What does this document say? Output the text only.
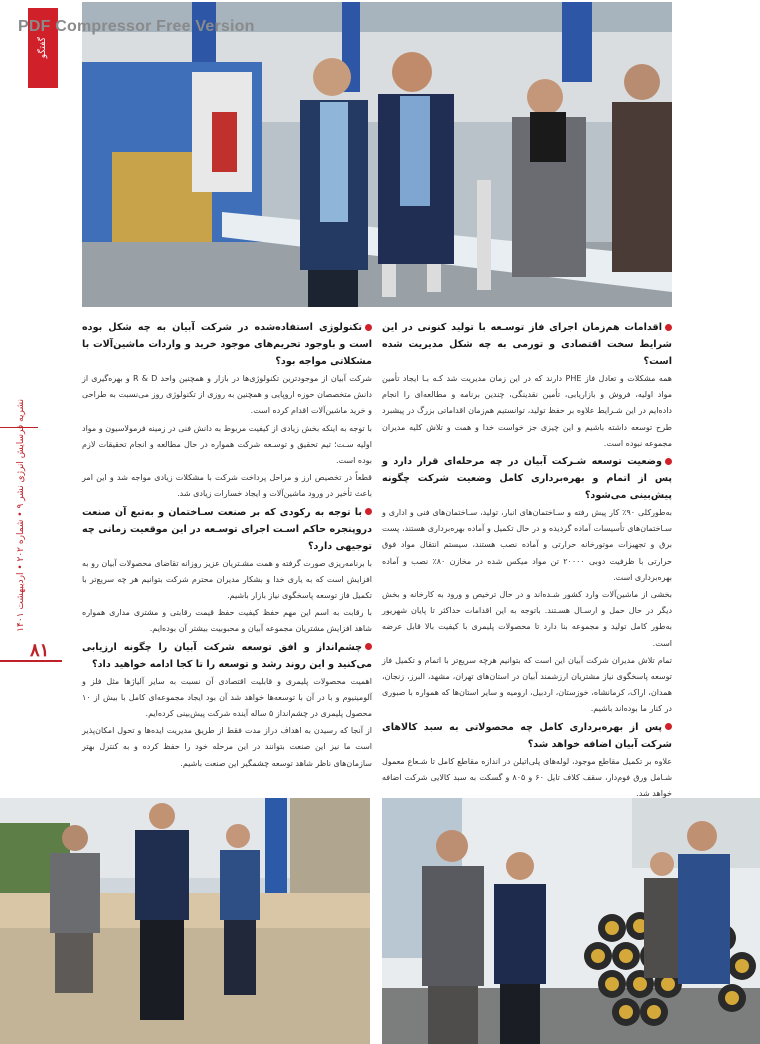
گفتگو
PDF Compressor Free Version

اقدامات هم‌زمان اجرای فاز توسـعه با تولید کنونی در این شرایط سخت اقتصادی و تورمی به چه شکل مدیریت شده است؟

همه مشکلات و تعادل فاز PHE دارند که در این زمان مدیریت شد کـه بـا ایجاد تأمین مواد اولیه، فروش و بازاریابی، تأمین نقدینگی، چندین برنامه و مطالعه‌ای را انجام داده‌ایم در این شـرایط علاوه بر حفظ تولید، توانستیم هم‌زمان اقداماتی بزرگ در پیشبرد طرح توسعه داشته باشیم و این چیزی جز خواست خدا و همت و تلاش کلیه مدیران مجموعه نبوده است.

وضعیت توسعه شـرکت آبیان در چه مرحله‌ای قرار دارد و پس از اتمام و بهره‌برداری کامل وضعیت شرکت چگونه پیش‌بینی می‌شود؟

به‌طورکلی ۹۰٪ کار پیش رفته و سـاختمان‌های انبار، تولید، سـاختمان‌های فنی و اداری و سـاختمان‌های تأسیسات آماده گردیده و در حال تکمیل و آماده بهره‌برداری هستند، پست برق و تجهیزات موتورخانه حرارتی و آماده نصب هستند، سیستم انتقال مواد فوق حرارتی با ظرفیت دوبی ۲۰۰۰۰ تن مواد میکس شده در مخازن ۸۰٪ نصب و آماده بهره‌برداری است.

بخشی از ماشین‌آلات وارد کشور شـده‌اند و در حال ترخیص و ورود به کارخانه و بخش دیگر در حال حمل و ارسـال هسـتند. باتوجه به این اقدامات حداکثر تا پایان شهریور به‌طور کامل تولید و مجموعه بنا دارد تا محصولات پلیمری با کیفیت بالا قابل عرضه است.

تمام تلاش مدیران شرکت آبیان این است که بتوانیم هرچه سریع‌تر با اتمام و تکمیل فاز توسعه پاسخگوی نیاز مشتریان ارزشمند آبیان در استان‌های تهران، مشهد، البرز، زنجان، همدان، اراک، کرمانشاه، خوزستان، اردبیل، ارومیه و سایر استان‌ها که همواره با صبوری در کنار ما بوده‌اند باشیم.

پس از بهره‌برداری کامل چه محصولاتی به سبد کالاهای شرکت آبیان اضافه خواهد شد؟

علاوه بر تکمیل مقاطع موجود، لوله‌های پلی‌اتیلن در اندازه مقاطع کامل تا شـعاع معمول شـامل ورق فوم‌دار، سقف کلاف تایل ۶۰ و ۸۰۵ و گسکت به سبد کالایی شرکت اضافه خواهد شد.

تکنولوژی استفاده‌شده در شرکت آبیان به چه شکل بوده است و باوجود تحریم‌های موجود خرید و واردات ماشین‌آلات با مشکلاتی مواجه بود؟

شرکت آبیان از موجودترین تکنولوژی‌ها در بازار و همچنین واحد R & D و بهره‌گیری از دانش متخصصان حوزه اروپایی و همچنین به روزی از تکنولوژی روز می‌نسبت به طراحی و خرید ماشین‌آلات اقدام کرده است.

با توجه به اینکه بخش زیادی از کیفیت مربوط به دانش فنی در زمینه فرمولاسیون و مواد اولیه سـت؛ تیم تحقیق و توسـعه شرکت همواره در حال مطالعه و انجام تحقیقات لازم بوده است.

قطعاً در تخصیص ارز و مراحل پرداخت شرکت با مشکلات زیادی مواجه شد و این امر باعث تأخیر در ورود ماشین‌آلات و ایجاد خسارات زیادی شد.

با توجه به رکودی که بر صنعت سـاختمان و به‌تبع آن صنعت درو‌پنجره حاکم اسـت اجرای توسـعه در این موقعیت زمانی چه توجیهی دارد؟

با برنامه‌ریزی صورت گرفته و همت مشـتریان عزیز روزانه تقاضای محصولات آبیان رو به افزایش است که به یاری خدا و بشکار مدیران محترم شرکت بتوانیم هر چه سریع‌تر با تکمیل فاز توسعه پاسخگوی نیاز بازار باشیم.

با رقابت به اسم این مهم حفظ کیفیت حفظ قیمت رقابتی و مشتری مداری همواره شاهد افزایش مشتریان مجموعه آبیان و محبوبیت بیشتر آن بوده‌ایم.

چشم‌انداز و افق توسعه شرکت آبیان را چگونه ارزیابی می‌کنید و این روند رشد و توسعه را تا کجا ادامه خواهید داد؟

اهمیت محصولات پلیمری و قابلیت اقتصادی آن نسبت به سایر آلیاژها مثل فلز و آلومینیوم و با در آن با توسعه‌ها خواهد شد آن بود ایجاد مجموعه‌ای کامل با بیش از ۱۰ محصول پلیمری در چشم‌انداز ۵ ساله آینده شرکت پیش‌بینی کرده‌ایم.

از آنجا که رسیدن به اهداف دراز مدت فقط از طریق مدیریت ایده‌ها و تحول امکان‌پذیر است ما نیز این صنعت بتوانند در این مرحله خود را حفظ کرده و به کنترل بهتر سازمان‌های ناظر شاهد توسعه چشمگیر این صنعت باشیم.

نشریه فرسایش انرژی نشر ۹ • شماره ۲۰۲ • اردیبهشت ۱۴۰۱
۸۱
